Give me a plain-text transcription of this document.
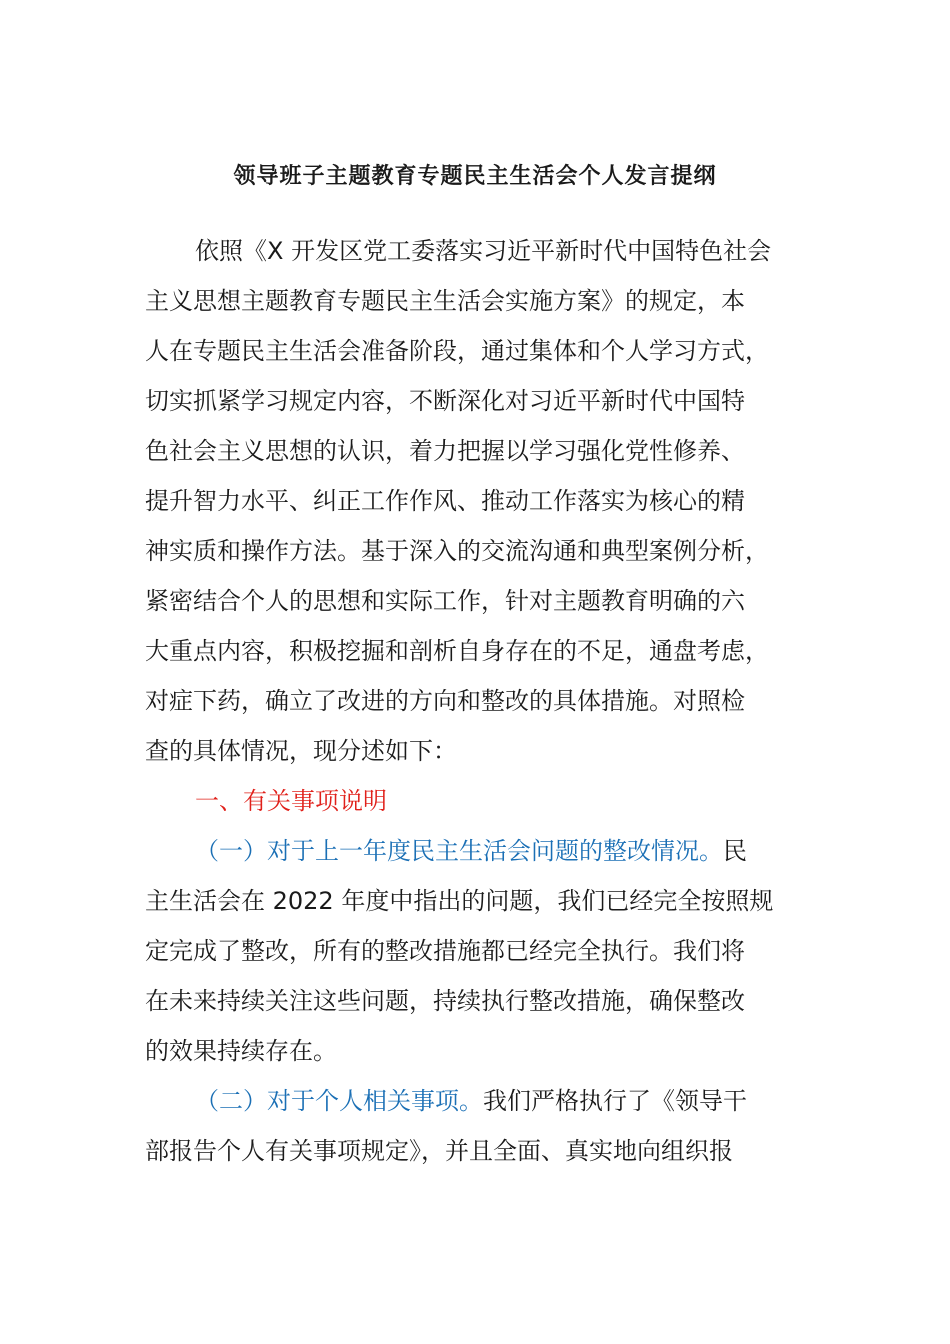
领导班子主题教育专题民主生活会个人发言提纲
依照《X 开发区党工委落实习近平新时代中国特色社会
主义思想主题教育专题民主生活会实施方案》的规定，本
人在专题民主生活会准备阶段，通过集体和个人学习方式，
切实抓紧学习规定内容，不断深化对习近平新时代中国特
色社会主义思想的认识，着力把握以学习强化党性修养、
提升智力水平、纠正工作作风、推动工作落实为核心的精
神实质和操作方法。基于深入的交流沟通和典型案例分析，
紧密结合个人的思想和实际工作，针对主题教育明确的六
大重点内容，积极挖掘和剖析自身存在的不足，通盘考虑，
对症下药，确立了改进的方向和整改的具体措施。对照检
查的具体情况，现分述如下：
一、有关事项说明
（一）对于上一年度民主生活会问题的整改情况。民
主生活会在 2022 年度中指出的问题，我们已经完全按照规
定完成了整改，所有的整改措施都已经完全执行。我们将
在未来持续关注这些问题，持续执行整改措施，确保整改
的效果持续存在。
（二）对于个人相关事项。我们严格执行了《领导干
部报告个人有关事项规定》，并且全面、真实地向组织报
